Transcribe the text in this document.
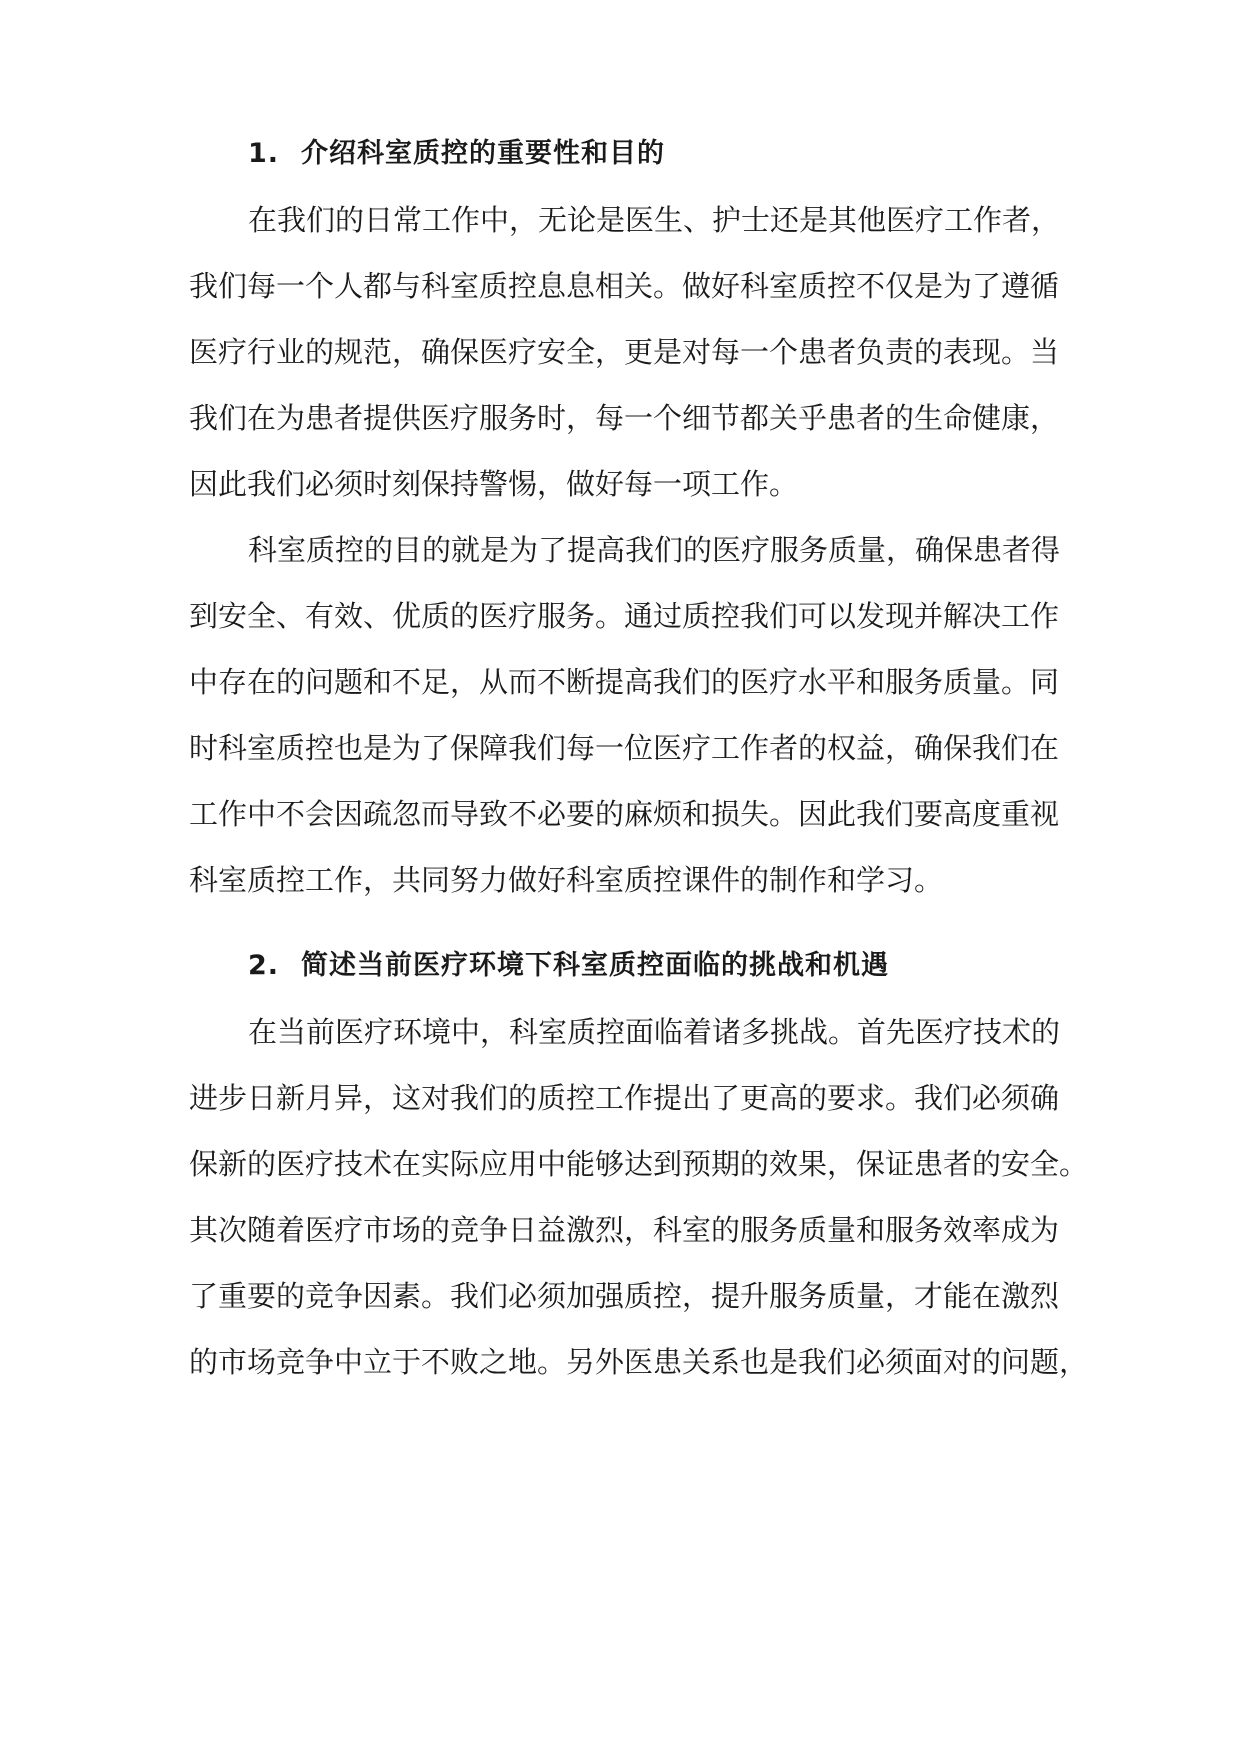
1. 介绍科室质控的重要性和目的
在我们的日常工作中，无论是医生、护士还是其他医疗工作者，
我们每一个人都与科室质控息息相关。做好科室质控不仅是为了遵循
医疗行业的规范，确保医疗安全，更是对每一个患者负责的表现。当
我们在为患者提供医疗服务时，每一个细节都关乎患者的生命健康，
因此我们必须时刻保持警惕，做好每一项工作。
科室质控的目的就是为了提高我们的医疗服务质量，确保患者得
到安全、有效、优质的医疗服务。通过质控我们可以发现并解决工作
中存在的问题和不足，从而不断提高我们的医疗水平和服务质量。同
时科室质控也是为了保障我们每一位医疗工作者的权益，确保我们在
工作中不会因疏忽而导致不必要的麻烦和损失。因此我们要高度重视
科室质控工作，共同努力做好科室质控课件的制作和学习。
2. 简述当前医疗环境下科室质控面临的挑战和机遇
在当前医疗环境中，科室质控面临着诸多挑战。首先医疗技术的
进步日新月异，这对我们的质控工作提出了更高的要求。我们必须确
保新的医疗技术在实际应用中能够达到预期的效果，保证患者的安全。
其次随着医疗市场的竞争日益激烈，科室的服务质量和服务效率成为
了重要的竞争因素。我们必须加强质控，提升服务质量，才能在激烈
的市场竞争中立于不败之地。另外医患关系也是我们必须面对的问题，
